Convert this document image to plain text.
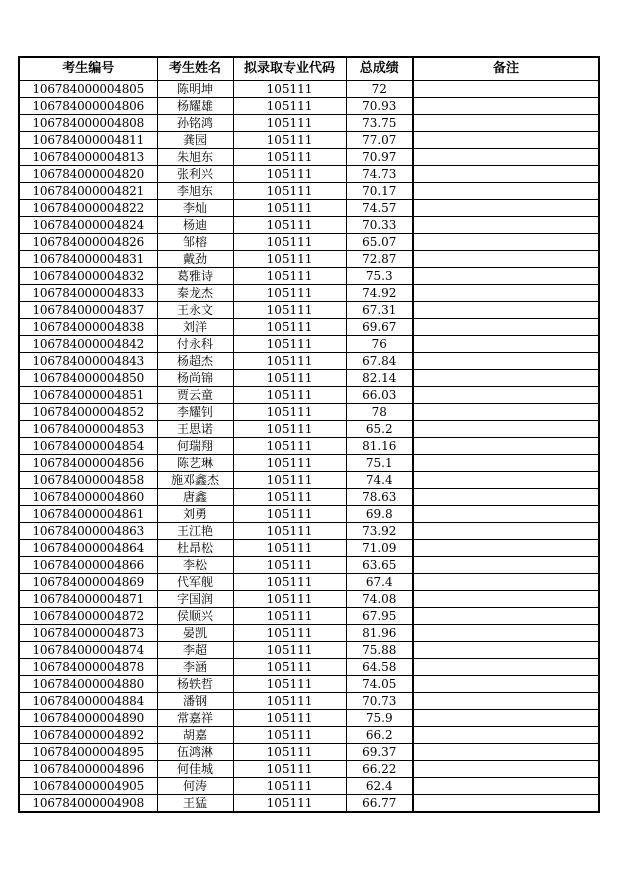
考生编号	考生姓名	拟录取专业代码	总成绩	备注
106784000004805	陈明坤	105111	72	
106784000004806	杨耀雄	105111	70.93	
106784000004808	孙铭鸿	105111	73.75	
106784000004811	龚园	105111	77.07	
106784000004813	朱旭东	105111	70.97	
106784000004820	张利兴	105111	74.73	
106784000004821	李旭东	105111	70.17	
106784000004822	李灿	105111	74.57	
106784000004824	杨迪	105111	70.33	
106784000004826	邹榕	105111	65.07	
106784000004831	戴劲	105111	72.87	
106784000004832	葛雅诗	105111	75.3	
106784000004833	秦龙杰	105111	74.92	
106784000004837	王永文	105111	67.31	
106784000004838	刘洋	105111	69.67	
106784000004842	付永科	105111	76	
106784000004843	杨超杰	105111	67.84	
106784000004850	杨尚锦	105111	82.14	
106784000004851	贾云童	105111	66.03	
106784000004852	李耀钊	105111	78	
106784000004853	王思诺	105111	65.2	
106784000004854	何瑞翔	105111	81.16	
106784000004856	陈艺琳	105111	75.1	
106784000004858	施邓鑫杰	105111	74.4	
106784000004860	唐鑫	105111	78.63	
106784000004861	刘勇	105111	69.8	
106784000004863	王江艳	105111	73.92	
106784000004864	杜昂松	105111	71.09	
106784000004866	李松	105111	63.65	
106784000004869	代军舰	105111	67.4	
106784000004871	字国润	105111	74.08	
106784000004872	侯顺兴	105111	67.95	
106784000004873	晏凯	105111	81.96	
106784000004874	李超	105111	75.88	
106784000004878	李涵	105111	64.58	
106784000004880	杨轶哲	105111	74.05	
106784000004884	潘钢	105111	70.73	
106784000004890	常嘉祥	105111	75.9	
106784000004892	胡嘉	105111	66.2	
106784000004895	伍鸿淋	105111	69.37	
106784000004896	何佳城	105111	66.22	
106784000004905	何涛	105111	62.4	
106784000004908	王猛	105111	66.77	
